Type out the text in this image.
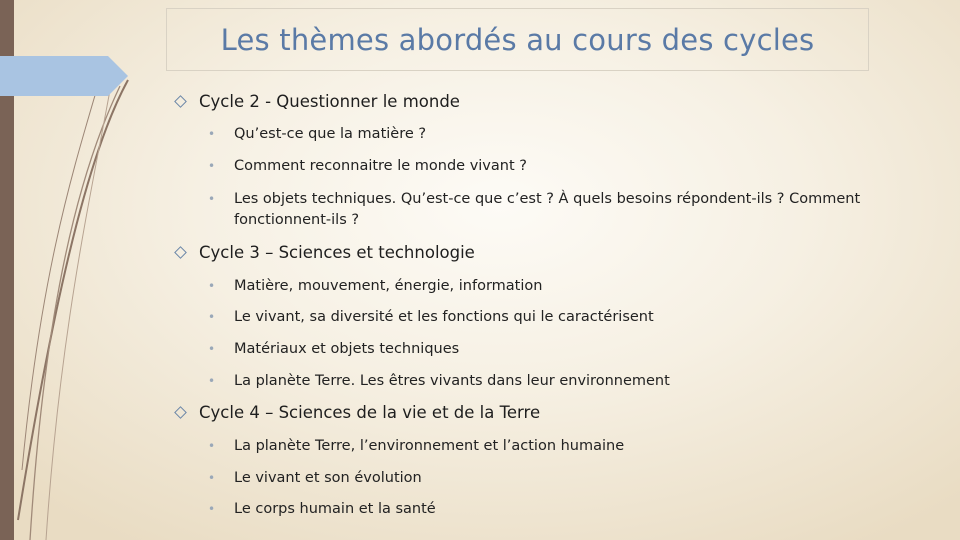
Les thèmes abordés au cours des cycles
Cycle 2 - Questionner le monde
• Qu’est-ce que la matière ?
• Comment reconnaitre le monde vivant ?
• Les objets techniques. Qu’est-ce que c’est ? À quels besoins répondent-ils ? Comment fonctionnent-ils ?
Cycle 3 – Sciences et technologie
• Matière, mouvement, énergie, information
• Le vivant, sa diversité et les fonctions qui le caractérisent
• Matériaux et objets techniques
• La planète Terre. Les êtres vivants dans leur environnement
Cycle 4 – Sciences de la vie et de la Terre
• La planète Terre, l’environnement et l’action humaine
• Le vivant et son évolution
• Le corps humain et la santé
